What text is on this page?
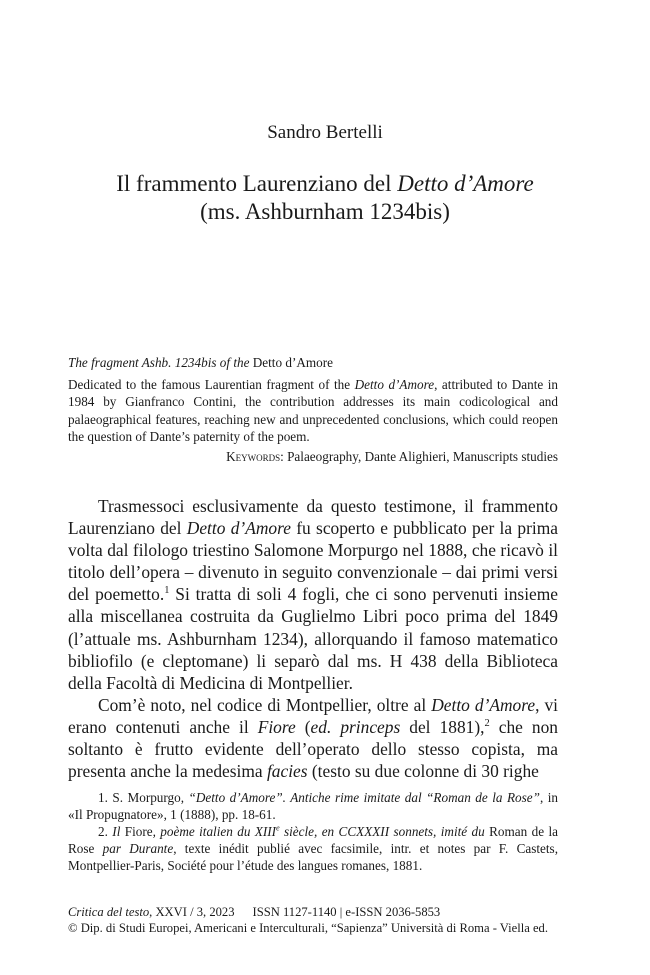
Sandro Bertelli
Il frammento Laurenziano del Detto d’Amore
(ms. Ashburnham 1234bis)

The fragment Ashb. 1234bis of the Detto d’Amore

Dedicated to the famous Laurentian fragment of the Detto d’Amore, attributed to Dante in 1984 by Gianfranco Contini, the contribution addresses its main codicological and palaeographical features, reaching new and unprecedented conclusions, which could reopen the question of Dante’s paternity of the poem.

Keywords: Palaeography, Dante Alighieri, Manuscripts studies

Trasmessoci esclusivamente da questo testimone, il frammento Laurenziano del Detto d’Amore fu scoperto e pubblicato per la prima volta dal filologo triestino Salomone Morpurgo nel 1888, che ricavò il titolo dell’opera – divenuto in seguito convenzionale – dai primi versi del poemetto.$^1$ Si tratta di soli 4 fogli, che ci sono pervenuti insieme alla miscellanea costruita da Guglielmo Libri poco prima del 1849 (l’attuale ms. Ashburnham 1234), allorquando il famoso matematico bibliofilo (e cleptomane) li separò dal ms. H 438 della Biblioteca della Facoltà di Medicina di Montpellier.

Com’è noto, nel codice di Montpellier, oltre al Detto d’Amore, vi erano contenuti anche il Fiore (ed. princeps del 1881),$^2$ che non soltanto è frutto evidente dell’operato dello stesso copista, ma presenta anche la medesima facies (testo su due colonne di 30 righe

1. S. Morpurgo, “Detto d’Amore”. Antiche rime imitate dal “Roman de la Rose”, in «Il Propugnatore», 1 (1888), pp. 18-61.

2. Il Fiore, poème italien du XIIIe siècle, en CCXXXII sonnets, imité du Roman de la Rose par Durante, texte inédit publié avec facsimile, intr. et notes par F. Castets, Montpellier-Paris, Société pour l’étude des langues romanes, 1881.

Critica del testo, XXVI / 3, 2023 ISSN 1127-1140 | e-ISSN 2036-5853
© Dip. di Studi Europei, Americani e Interculturali, “Sapienza” Università di Roma - Viella ed.
